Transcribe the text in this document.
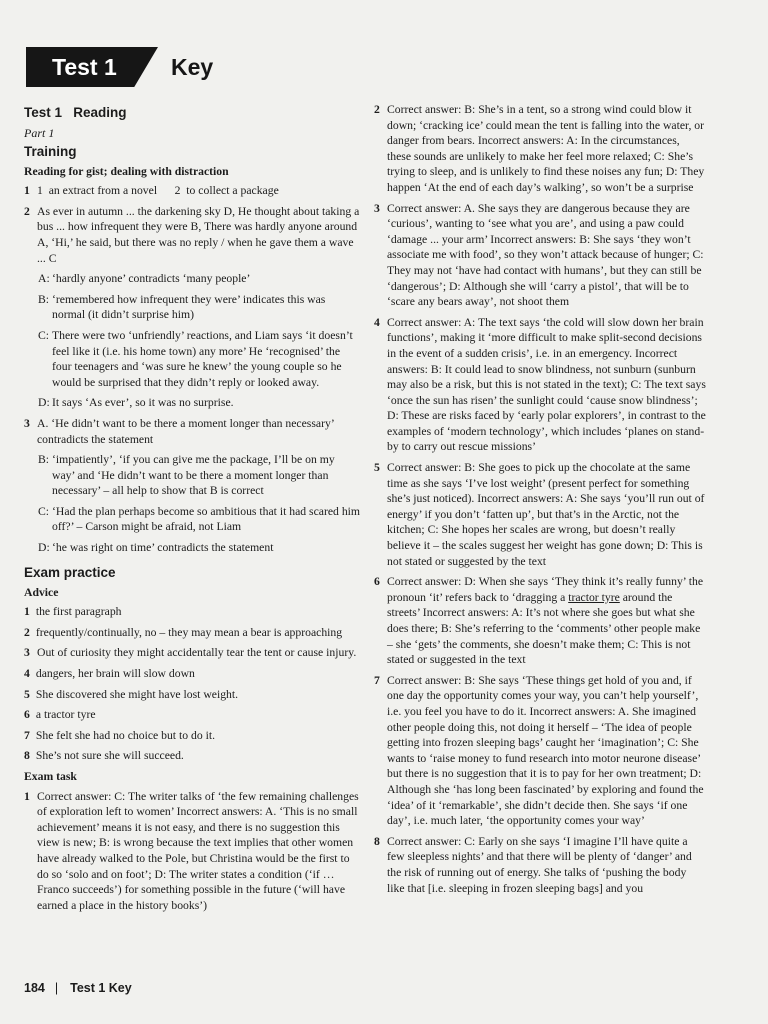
Test 1 Key
Test 1   Reading
Part 1
Training
Reading for gist; dealing with distraction
1 1  an extract from a novel      2  to collect a package
2 As ever in autumn ... the darkening sky D, He thought about taking a bus ... how infrequent they were B, There was hardly anyone around A, ‘Hi,’ he said, but there was no reply / when he gave them a wave ... C
A: ‘hardly anyone’ contradicts ‘many people’
B: ‘remembered how infrequent they were’ indicates this was normal (it didn’t surprise him)
C: There were two ‘unfriendly’ reactions, and Liam says ‘it doesn’t feel like it (i.e. his home town) any more’ He ‘recognised’ the four teenagers and ‘was sure he knew’ the young couple so he would be surprised that they didn’t reply or looked away.
D: It says ‘As ever’, so it was no surprise.
3 A. ‘He didn’t want to be there a moment longer than necessary’ contradicts the statement
B: ‘impatiently’, ‘if you can give me the package, I’ll be on my way’ and ‘He didn’t want to be there a moment longer than necessary’ – all help to show that B is correct
C: ‘Had the plan perhaps become so ambitious that it had scared him off?’ – Carson might be afraid, not Liam
D: ‘he was right on time’ contradicts the statement
Exam practice
Advice
1 the first paragraph
2 frequently/continually, no – they may mean a bear is approaching
3 Out of curiosity they might accidentally tear the tent or cause injury.
4 dangers, her brain will slow down
5 She discovered she might have lost weight.
6 a tractor tyre
7 She felt she had no choice but to do it.
8 She’s not sure she will succeed.
Exam task
1 Correct answer: C: The writer talks of ‘the few remaining challenges of exploration left to women’ Incorrect answers: A. ‘This is no small achievement’ means it is not easy, and there is no suggestion this view is new; B: is wrong because the text implies that other women have already walked to the Pole, but Christina would be the first to do so ‘solo and on foot’; D: The writer states a condition (‘if … Franco succeeds’) for something possible in the future (‘will have earned a place in the history books’)
2 Correct answer: B: She’s in a tent, so a strong wind could blow it down; ‘cracking ice’ could mean the tent is falling into the water, or danger from bears. Incorrect answers: A: In the circumstances, these sounds are unlikely to make her feel more relaxed; C: She’s trying to sleep, and is unlikely to find these noises any fun; D: They happen ‘At the end of each day’s walking’, so won’t be a surprise
3 Correct answer: A. She says they are dangerous because they are ‘curious’, wanting to ‘see what you are’, and using a paw could ‘damage ... your arm’ Incorrect answers: B: She says ‘they won’t associate me with food’, so they won’t attack because of hunger; C: They may not ‘have had contact with humans’, but they can still be ‘dangerous’; D: Although she will ‘carry a pistol’, that will be to ‘scare any bears away’, not shoot them
4 Correct answer: A: The text says ‘the cold will slow down her brain functions’, making it ‘more difficult to make split-second decisions in the event of a sudden crisis’, i.e. in an emergency. Incorrect answers: B: It could lead to snow blindness, not sunburn (sunburn may also be a risk, but this is not stated in the text); C: The text says ‘once the sun has risen’ the sunlight could ‘cause snow blindness’; D: These are risks faced by ‘early polar explorers’, in contrast to the examples of ‘modern technology’, which includes ‘planes on stand-by to carry out rescue missions’
5 Correct answer: B: She goes to pick up the chocolate at the same time as she says ‘I’ve lost weight’ (present perfect for something she’s just noticed). Incorrect answers: A: She says ‘you’ll run out of energy’ if you don’t ‘fatten up’, but that’s in the Arctic, not the kitchen; C: She hopes her scales are wrong, but doesn’t really believe it – the scales suggest her weight has gone down; D: This is not stated or suggested by the text
6 Correct answer: D: When she says ‘They think it’s really funny’ the pronoun ‘it’ refers back to ‘dragging a tractor tyre around the streets’ Incorrect answers: A: It’s not where she goes but what she does there; B: She’s referring to the ‘comments’ other people make – she ‘gets’ the comments, she doesn’t make them; C: This is not stated or suggested in the text
7 Correct answer: B: She says ‘These things get hold of you and, if one day the opportunity comes your way, you can’t help yourself’, i.e. you feel you have to do it. Incorrect answers: A. She imagined other people doing this, not doing it herself – ‘The idea of people getting into frozen sleeping bags’ caught her ‘imagination’; C: She wants to ‘raise money to fund research into motor neurone disease’ but there is no suggestion that it is to pay for her own treatment; D: Although she ‘has long been fascinated’ by exploring and found the ‘idea’ of it ‘remarkable’, she didn’t decide then. She says ‘if one day’, i.e. much later, ‘the opportunity comes your way’
8 Correct answer: C: Early on she says ‘I imagine I’ll have quite a few sleepless nights’ and that there will be plenty of ‘danger’ and the risk of running out of energy. She talks of ‘pushing the body like that [i.e. sleeping in frozen sleeping bags] and you
184 | Test 1 Key
